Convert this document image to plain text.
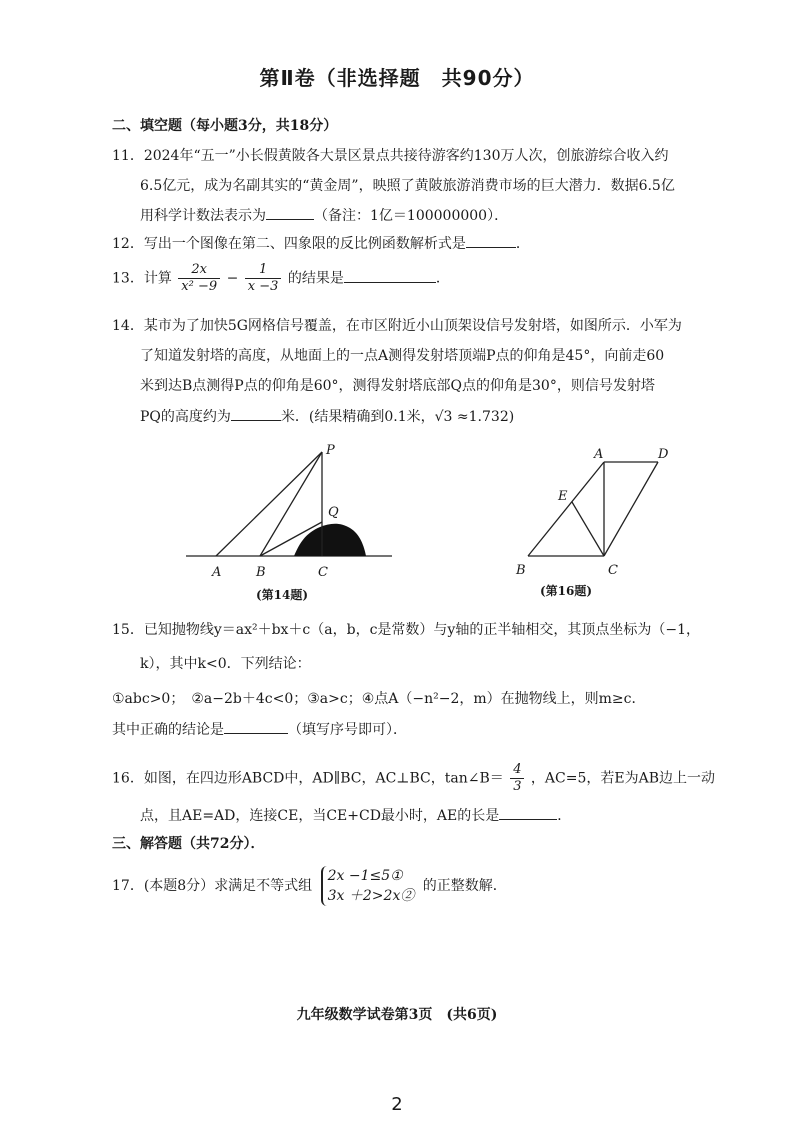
第Ⅱ卷（非选择题　共90分）
二、填空题（每小题3分，共18分）
11．2024年“五一”小长假黄陂各大景区景点共接待游客约130万人次，创旅游综合收入约
6.5亿元，成为名副其实的“黄金周”，映照了黄陂旅游消费市场的巨大潜力．数据6.5亿
用科学计数法表示为	（备注：1亿＝100000000）．
12．写出一个图像在第二、四象限的反比例函数解析式是	．
13．计算 $\frac{2x}{\text{x² −9}} - \frac{1}{x -3}$ 的结果是	．
14．某市为了加快5G网格信号覆盖，在市区附近小山顶架设信号发射塔，如图所示．小军为
了知道发射塔的高度，从地面上的一点A测得发射塔顶端P点的仰角是45°，向前走60
米到达B点测得P点的仰角是60°，测得发射塔底部Q点的仰角是30°，则信号发射塔
PQ的高度约为	米．(结果精确到0.1米，√3 ≈1.732)
P
Q
A	B	C
(第14题)
A	D
E
B	C
(第16题)
15．已知抛物线y＝ax²＋bx＋c（a，b，c是常数）与y轴的正半轴相交，其顶点坐标为（−1，
k），其中k<0．下列结论：
①abc>0；　②a−2b＋4c<0；③a>c；④点A（−n²−2，m）在抛物线上，则m≥c．
其中正确的结论是	（填写序号即可）．
16．如图，在四边形ABCD中，AD∥BC，AC⊥BC，tan∠B＝ $\frac{4}{3}$ ，AC=5，若E为AB边上一动
点，且AE=AD，连接CE，当CE+CD最小时，AE的长是	．
三、解答题（共72分）．
17．(本题8分）求满足不等式组
2x −1≤5①
3x ＋2>2x②
的正整数解．
九年级数学试卷第3页　(共6页)
2
